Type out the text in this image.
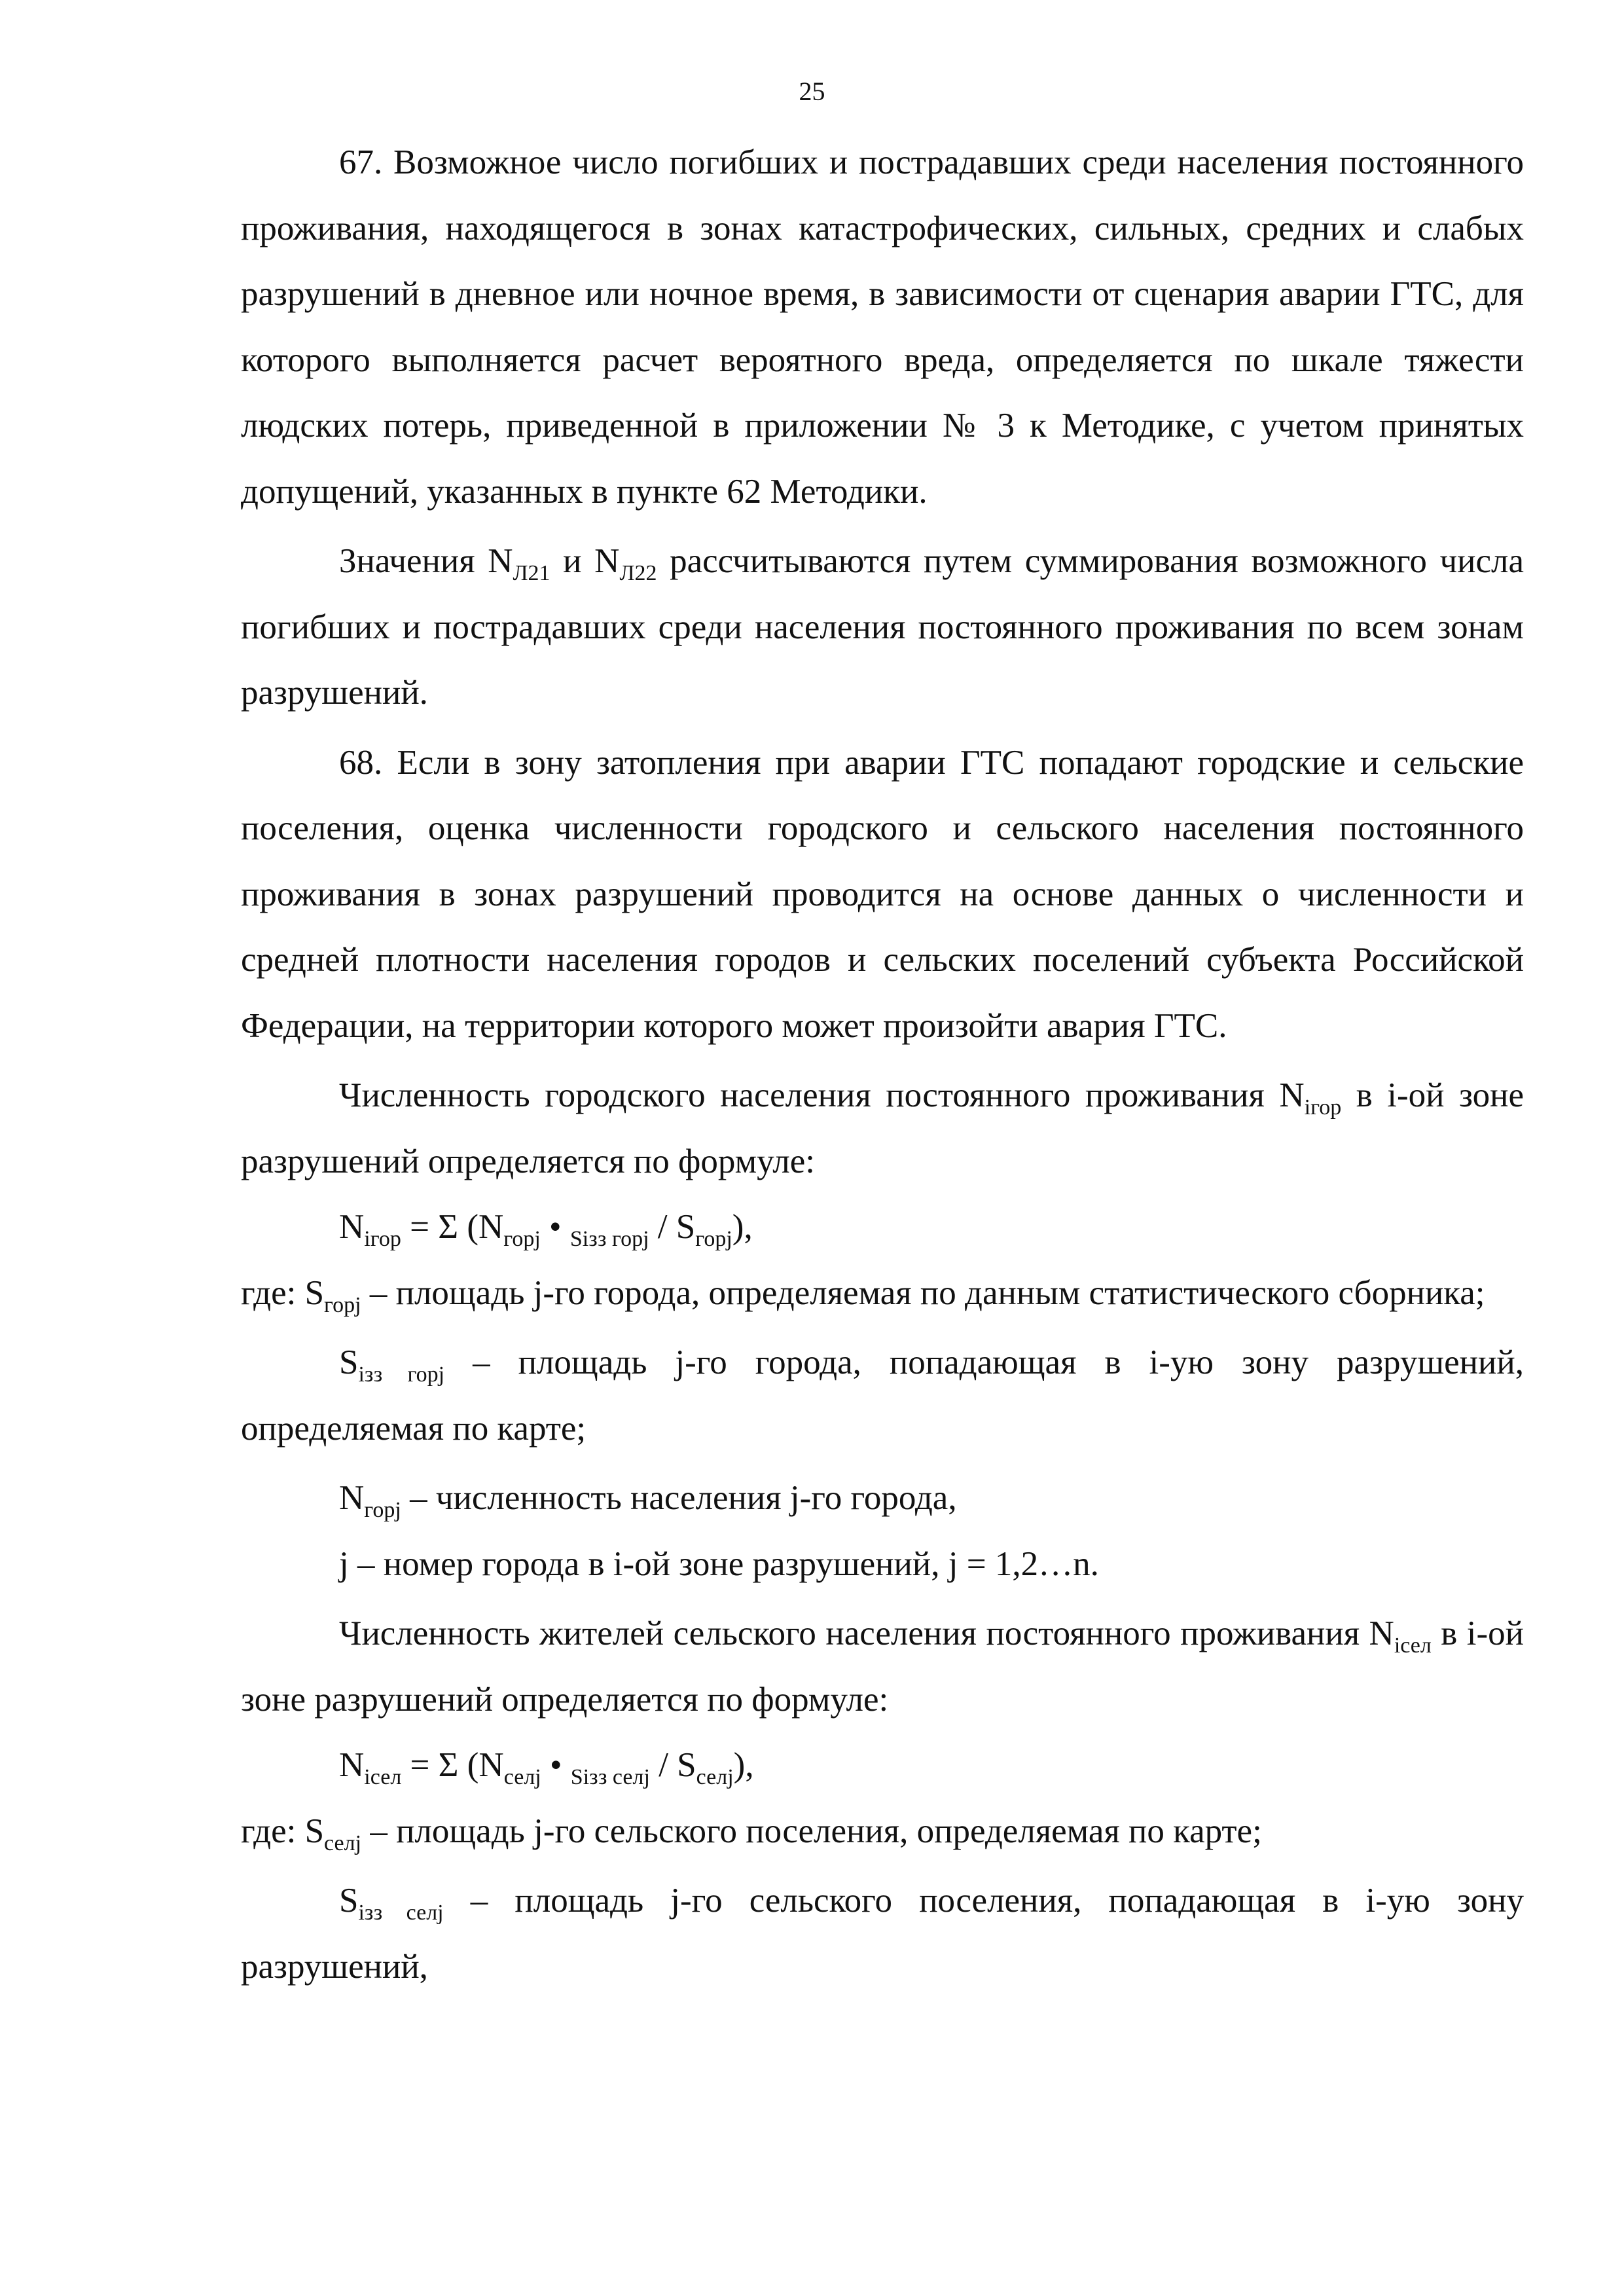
25

67. Возможное число погибших и пострадавших среди населения постоянного проживания, находящегося в зонах катастрофических, сильных, средних и слабых разрушений в дневное или ночное время, в зависимости от сценария аварии ГТС, для которого выполняется расчет вероятного вреда, определяется по шкале тяжести людских потерь, приведенной в приложении № 3 к Методике, с учетом принятых допущений, указанных в пункте 62 Методики.

Значения $N_{Л21}$ и $N_{Л22}$ рассчитываются путем суммирования возможного числа погибших и пострадавших среди населения постоянного проживания по всем зонам разрушений.

68. Если в зону затопления при аварии ГТС попадают городские и сельские поселения, оценка численности городского и сельского населения постоянного проживания в зонах разрушений проводится на основе данных о численности и средней плотности населения городов и сельских поселений субъекта Российской Федерации, на территории которого может произойти авария ГТС.

Численность городского населения постоянного проживания $N_{iгор}$ в i-ой зоне разрушений определяется по формуле:

$N_{iгор} = \Sigma$ ($N_{горj}$ • $_{Siзз горj} / S_{горj}$),

где: $S_{горj}$ – площадь j-го города, определяемая по данным статистического сборника;

$S_{iзз горj}$ – площадь j-го города, попадающая в i-ую зону разрушений, определяемая по карте;

$N_{горj}$ – численность населения j-го города,

j – номер города в i-ой зоне разрушений, j = 1,2…n.

Численность жителей сельского населения постоянного проживания $N_{iсел}$ в i-ой зоне разрушений определяется по формуле:

$N_{iсел} = \Sigma$ ($N_{селj}$ • $_{Siзз селj} / S_{селj}$),

где: $S_{селj}$ – площадь j-го сельского поселения, определяемая по карте;

$S_{iзз селj}$ – площадь j-го сельского поселения, попадающая в i-ую зону разрушений,
